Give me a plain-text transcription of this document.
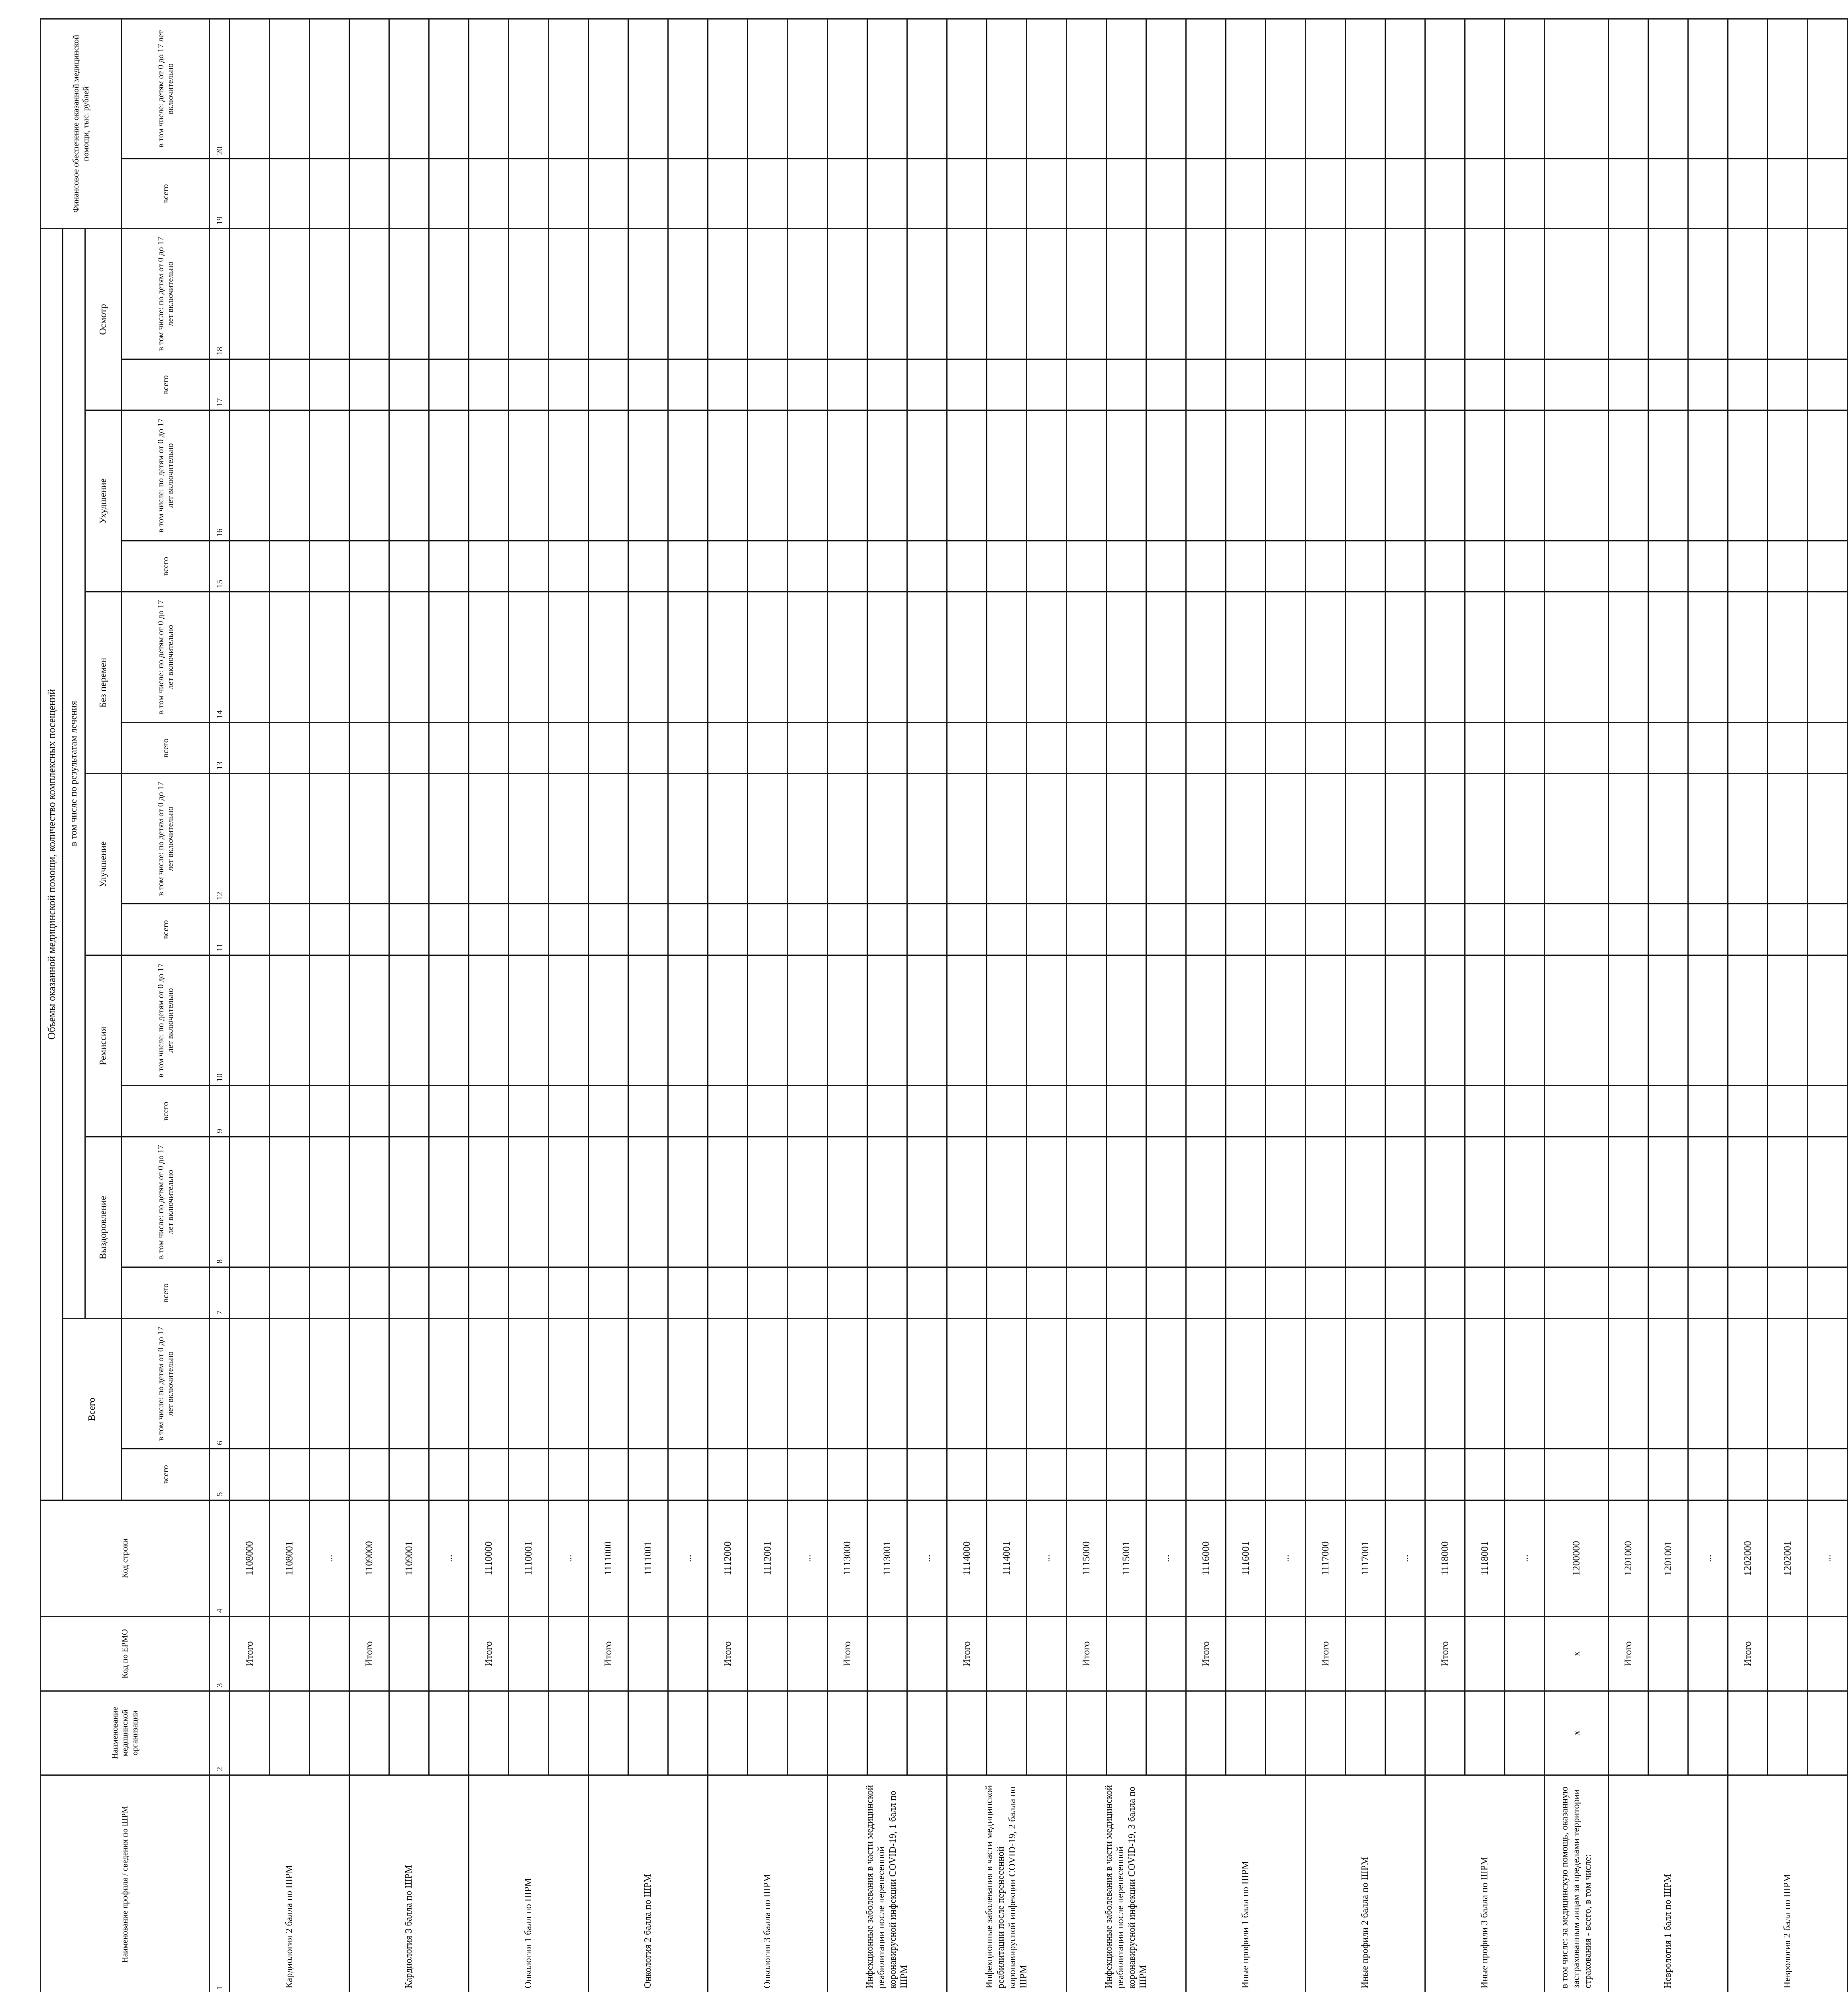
Наименование профиля / сведения по ШРМ	Наименование медицинской организации	Код по ЕРМО	Код строки	Объемы оказанной медицинской помощи, количество комплексных посещений														Финансовое обеспечение оказанной медицинской помощи, тыс. рублей	
				Всего		в том числе по результатам лечения													
						Выздоровление		Ремиссия		Улучшение		Без перемен		Ухудшение		Осмотр			
				всего	в том числе: по детям от 0 до 17 лет включительно	всего	в том числе: по детям от 0 до 17 лет включительно	всего	в том числе: по детям от 0 до 17 лет включительно	всего	в том числе: по детям от 0 до 17 лет включительно	всего	в том числе: по детям от 0 до 17 лет включительно	всего	в том числе: по детям от 0 до 17 лет включительно	всего	в том числе: по детям от 0 до 17 лет включительно	всего	в том числе: детям от 0 до 17 лет включительно
1	2	3	4	5	6	7	8	9	10	11	12	13	14	15	16	17	18	19	20
Кардиология 2 балла по ШРМ		Итого	1108000																
			1108001																
			...																
Кардиология 3 балла по ШРМ		Итого	1109000																
			1109001																
			...																
Онкология 1 балл по ШРМ		Итого	1110000																
			1110001																
			...																
Онкология 2 балла по ШРМ		Итого	1111000																
			1111001																
			...																
Онкология 3 балла по ШРМ		Итого	1112000																
			1112001																
			...																
Инфекционные заболевания в части медицинской реабилитации после перенесенной коронавирусной инфекции COVID-19, 1 балл по ШРМ		Итого	1113000																
			1113001																
			...																
Инфекционные заболевания в части медицинской реабилитации после перенесенной коронавирусной инфекции COVID-19, 2 балла по ШРМ		Итого	1114000																
			1114001																
			...																
Инфекционные заболевания в части медицинской реабилитации после перенесенной коронавирусной инфекции COVID-19, 3 балла по ШРМ		Итого	1115000																
			1115001																
			...																
Иные профили 1 балл по ШРМ		Итого	1116000																
			1116001																
			...																
Иные профили 2 балла по ШРМ		Итого	1117000																
			1117001																
			...																
Иные профили 3 балла по ШРМ		Итого	1118000																
			1118001																
			...																
в том числе: за медицинскую помощь, оказанную застрахованным лицам за пределами территории страхования - всего, в том числе:	x	x	1200000																
Неврология 1 балл по ШРМ		Итого	1201000																
			1201001																
			...																
Неврология 2 балл по ШРМ		Итого	1202000																
			1202001																
			...																
